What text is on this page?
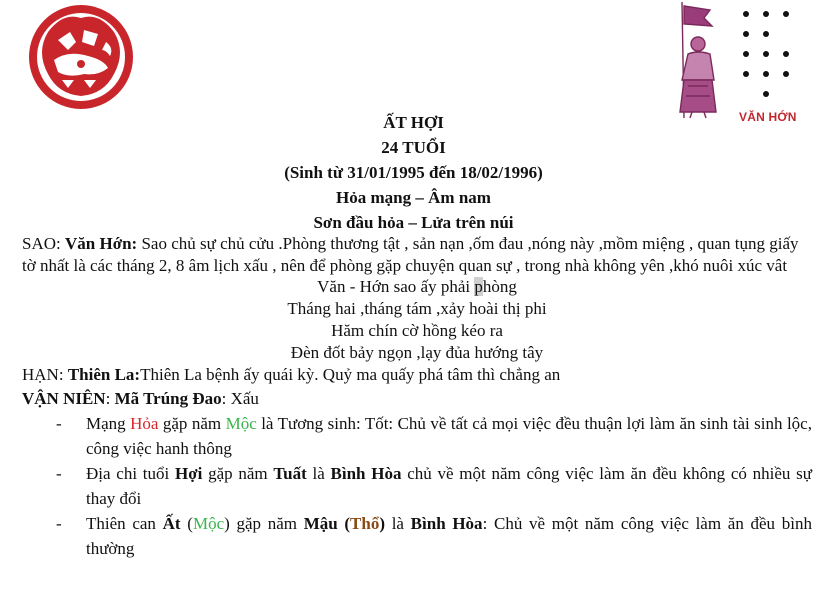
VĂN HỚN
ẤT HỢI
24 TUỔI
(Sinh từ 31/01/1995 đến 18/02/1996)
Hỏa mạng – Âm nam
Sơn đầu hỏa – Lửa trên núi

SAO: Văn Hớn: Sao chủ sự chủ cửu .Phòng thương tật , sản nạn ,ốm đau ,nóng này ,mồm miệng , quan tụng giấy tờ nhất là các tháng 2, 8 âm lịch xấu , nên để phòng gặp chuyện quan sự , trong nhà không yên ,khó nuôi xúc vât

Văn - Hớn sao ấy phải phòng
Tháng hai ,tháng tám ,xảy hoài thị phi
Hăm chín cờ hồng kéo ra
Đèn đốt bảy ngọn ,lạy đủa hướng tây

HẠN: Thiên La:Thiên La bệnh ấy quái kỳ. Quỷ ma quấy phá tâm thì chẳng an

VẬN NIÊN: Mã Trúng Đao: Xấu

- Mạng Hỏa gặp năm Mộc là Tương sinh: Tốt: Chủ về tất cả mọi việc đều thuận lợi làm ăn sinh tài sinh lộc, công việc hanh thông
- Địa chi tuổi Hợi gặp năm Tuất là Bình Hòa chủ về một năm công việc làm ăn đều không có nhiều sự thay đổi
- Thiên can Ất (Mộc) gặp năm Mậu (Thổ) là Bình Hòa: Chủ về một năm công việc làm ăn đều bình thường
